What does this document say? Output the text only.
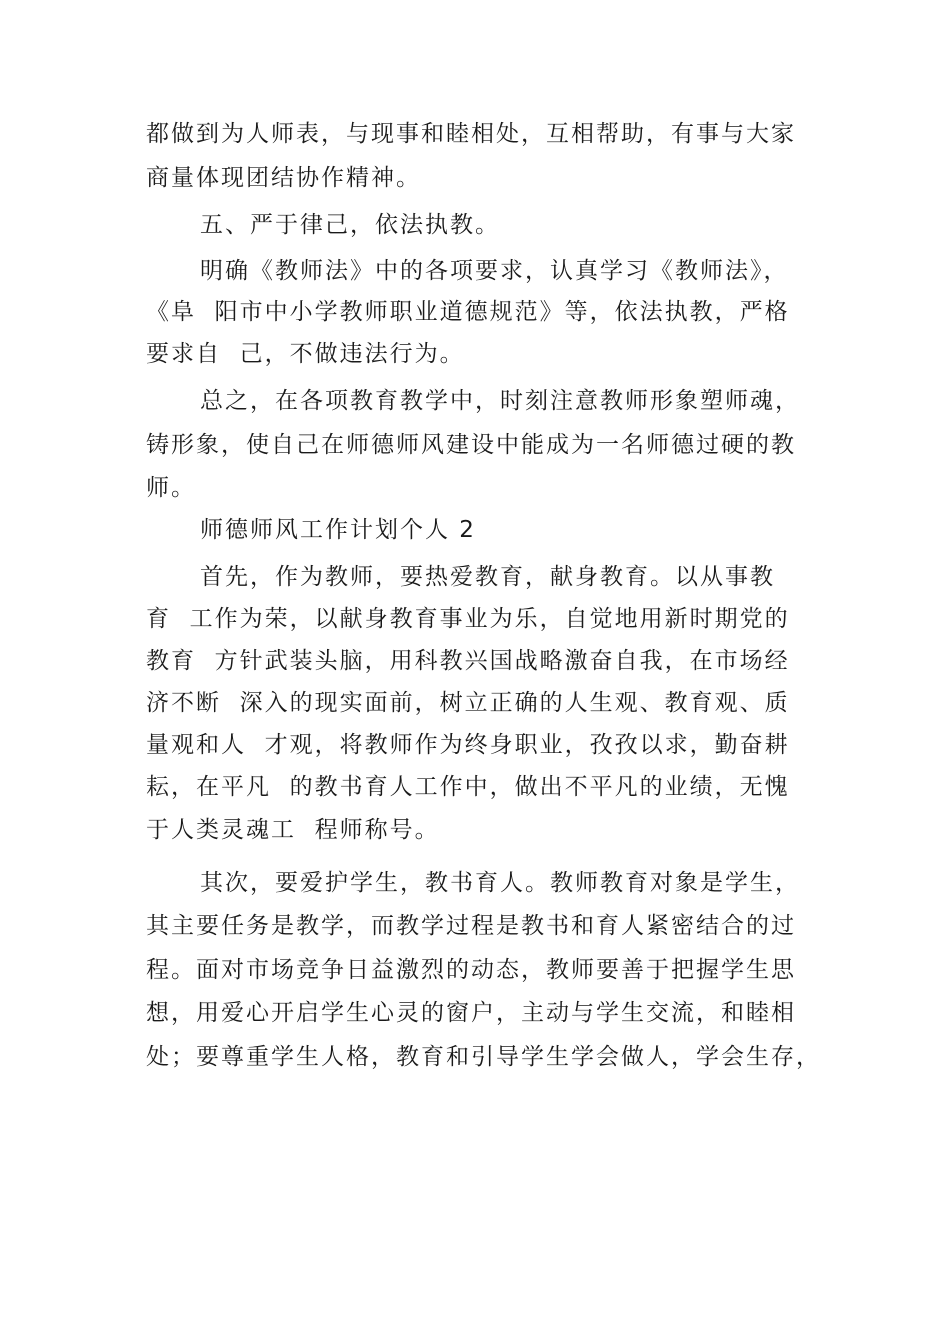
都做到为人师表，与现事和睦相处，互相帮助，有事与大家
商量体现团结协作精神。
五、严于律己，依法执教。
明确《教师法》中的各项要求，认真学习《教师法》，
《阜  阳市中小学教师职业道德规范》等，依法执教，严格
要求自  己，不做违法行为。
总之，在各项教育教学中，时刻注意教师形象塑师魂，
铸形象，使自己在师德师风建设中能成为一名师德过硬的教
师。
师德师风工作计划个人 2
首先，作为教师，要热爱教育，献身教育。以从事教
育  工作为荣，以献身教育事业为乐，自觉地用新时期党的
教育  方针武装头脑，用科教兴国战略激奋自我，在市场经
济不断  深入的现实面前，树立正确的人生观、教育观、质
量观和人  才观，将教师作为终身职业，孜孜以求，勤奋耕
耘，在平凡  的教书育人工作中，做出不平凡的业绩，无愧
于人类灵魂工  程师称号。
其次，要爱护学生，教书育人。教师教育对象是学生，
其主要任务是教学，而教学过程是教书和育人紧密结合的过
程。面对市场竞争日益激烈的动态，教师要善于把握学生思
想，用爱心开启学生心灵的窗户，主动与学生交流，和睦相
处；要尊重学生人格，教育和引导学生学会做人，学会生存，
